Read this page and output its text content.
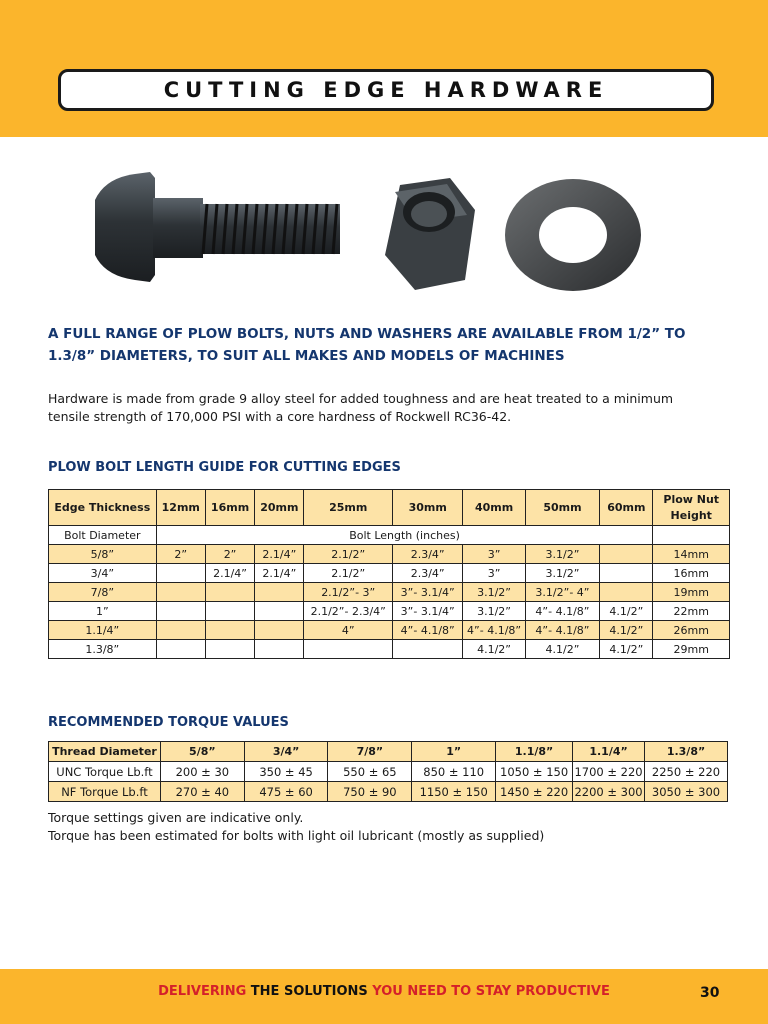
CUTTING EDGE HARDWARE
A FULL RANGE OF PLOW BOLTS, NUTS AND WASHERS ARE AVAILABLE FROM 1/2” TO
1.3/8” DIAMETERS, TO SUIT ALL MAKES AND MODELS OF MACHINES
Hardware is made from grade 9 alloy steel for added toughness and are heat treated to a minimum
tensile strength of 170,000 PSI with a core hardness of Rockwell RC36-42.
PLOW BOLT LENGTH GUIDE FOR CUTTING EDGES
Edge Thickness	12mm	16mm	20mm	25mm	30mm	40mm	50mm	60mm	Plow Nut Height
Bolt Diameter	Bolt Length (inches)								
5/8”	2”	2”	2.1/4”	2.1/2”	2.3/4”	3”	3.1/2”		14mm
3/4”		2.1/4”	2.1/4”	2.1/2”	2.3/4”	3”	3.1/2”		16mm
7/8”				2.1/2”- 3”	3”- 3.1/4”	3.1/2”	3.1/2”- 4”		19mm
1”				2.1/2”- 2.3/4”	3”- 3.1/4”	3.1/2”	4”- 4.1/8”	4.1/2”	22mm
1.1/4”				4”	4”- 4.1/8”	4”- 4.1/8”	4”- 4.1/8”	4.1/2”	26mm
1.3/8”						4.1/2”	4.1/2”	4.1/2”	29mm
RECOMMENDED TORQUE VALUES
Thread Diameter	5/8”	3/4”	7/8”	1”	1.1/8”	1.1/4”	1.3/8”
UNC Torque Lb.ft	200 ± 30	350 ± 45	550 ± 65	850 ± 110	1050 ± 150	1700 ± 220	2250 ± 220
NF Torque Lb.ft	270 ± 40	475 ± 60	750 ± 90	1150 ± 150	1450 ± 220	2200 ± 300	3050 ± 300
Torque settings given are indicative only.
Torque has been estimated for bolts with light oil lubricant (mostly as supplied)
DELIVERING THE SOLUTIONS YOU NEED TO STAY PRODUCTIVE	30
